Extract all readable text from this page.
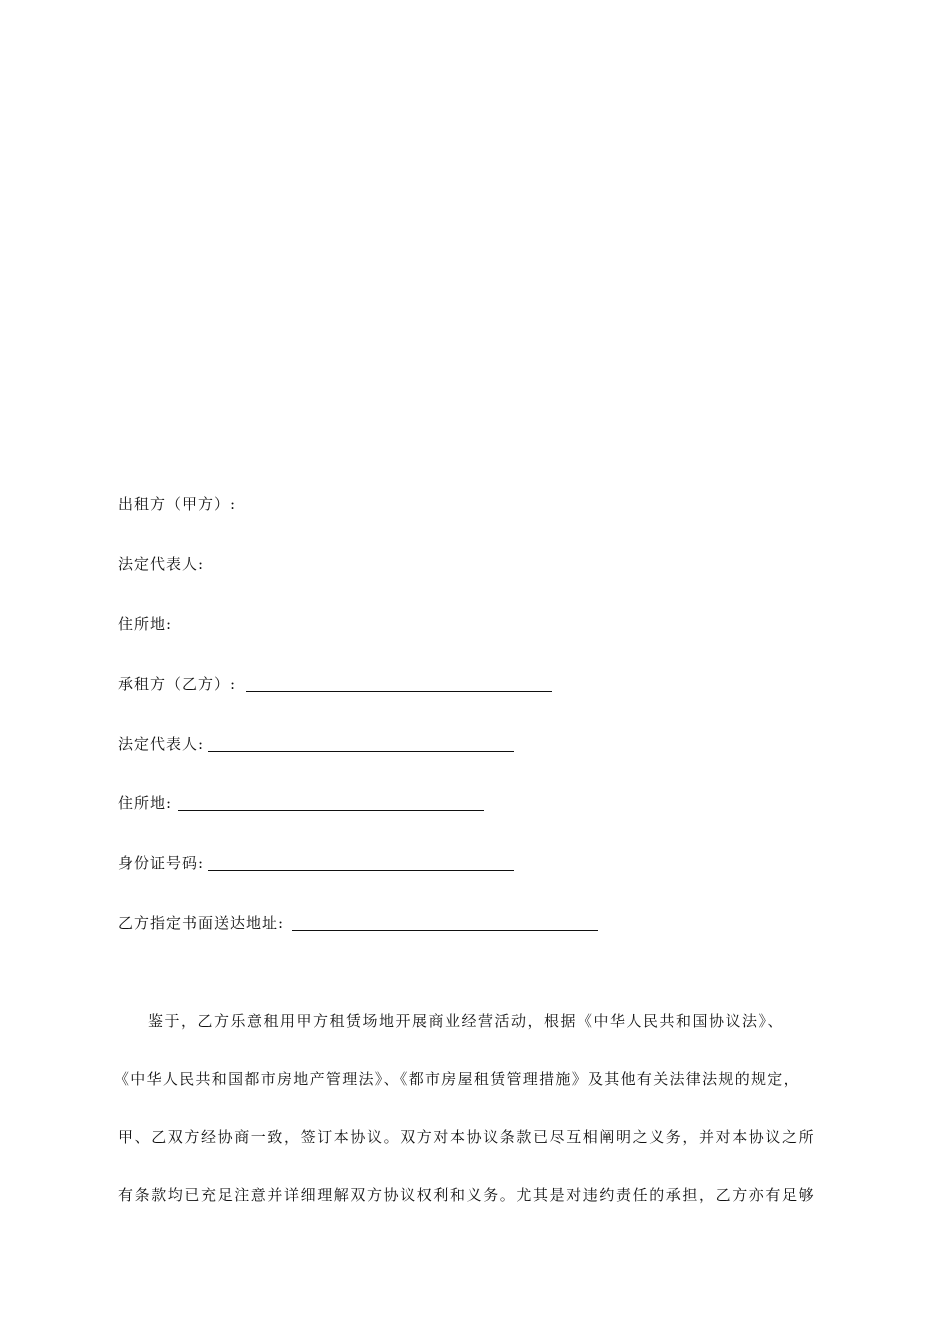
出租方（甲方）:
法定代表人:
住所地:
承租方（乙方）:
法定代表人:
住所地:
身份证号码:
乙方指定书面送达地址:
鉴于，乙方乐意租用甲方租赁场地开展商业经营活动，根据《中华人民共和国协议法》、
《中华人民共和国都市房地产管理法》、《都市房屋租赁管理措施》及其他有关法律法规的规定，
甲、乙双方经协商一致，签订本协议。双方对本协议条款已尽互相阐明之义务，并对本协议之所
有条款均已充足注意并详细理解双方协议权利和义务。尤其是对违约责任的承担，乙方亦有足够
